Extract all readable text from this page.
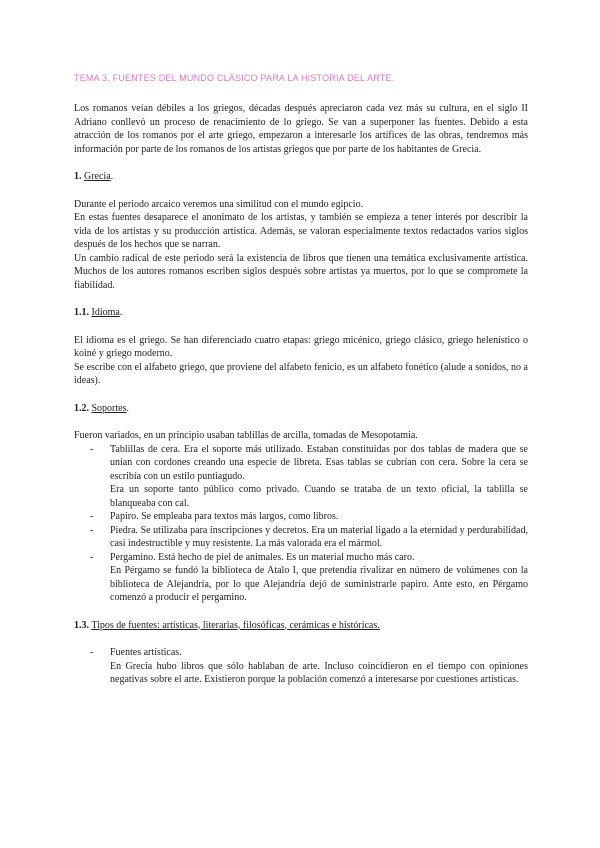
TEMA 3. FUENTES DEL MUNDO CLÁSICO PARA LA HISTORIA DEL ARTE.

Los romanos veían débiles a los griegos, décadas después apreciaron cada vez más su cultura, en el siglo II Adriano conllevó un proceso de renacimiento de lo griego. Se van a superponer las fuentes. Debido a esta atracción de los romanos por el arte griego, empezaron a interesarle los artífices de las obras, tendremos más información por parte de los romanos de los artistas griegos que por parte de los habitantes de Grecia.

1. Grecia.

Durante el periodo arcaico veremos una similitud con el mundo egipcio.

En estas fuentes desaparece el anonimato de los artistas, y también se empieza a tener interés por describir la vida de los artistas y su producción artística. Además, se valoran especialmente textos redactados varios siglos después de los hechos que se narran.

Un cambio radical de este periodo será la existencia de libros que tienen una temática exclusivamente artística. Muchos de los autores romanos escriben siglos después sobre artistas ya muertos, por lo que se compromete la fiabilidad.

1.1. Idioma.

El idioma es el griego. Se han diferenciado cuatro etapas: griego micénico, griego clásico, griego helenístico o koiné y griego moderno.

Se escribe con el alfabeto griego, que proviene del alfabeto fenicio, es un alfabeto fonético (alude a sonidos, no a ideas).

1.2. Soportes.

Fueron variados, en un principio usaban tablillas de arcilla, tomadas de Mesopotamia.

- Tablillas de cera. Era el soporte más utilizado. Estaban constituidas por dos tablas de madera que se unían con cordones creando una especie de libreta. Esas tablas se cubrían con cera. Sobre la cera se escribía con un estilo puntiagudo.

Era un soporte tanto público como privado. Cuando se trataba de un texto oficial, la tablilla se blanqueaba con cal.

- Papiro. Se empleaba para textos más largos, como libros.

- Piedra. Se utilizaba para inscripciones y decretos. Era un material ligado a la eternidad y perdurabilidad, casi indestructible y muy resistente. La más valorada era el mármol.

- Pergamino. Está hecho de piel de animales. Es un material mucho más caro.

En Pérgamo se fundó la biblioteca de Atalo I, que pretendía rivalizar en número de volúmenes con la biblioteca de Alejandría, por lo que Alejandría dejó de suministrarle papiro. Ante esto, en Pérgamo comenzó a producir el pergamino.

1.3. Tipos de fuentes: artísticas, literarias, filosóficas, cerámicas e históricas.

- Fuentes artísticas.

En Grecia hubo libros que sólo hablaban de arte. Incluso coincidieron en el tiempo con opiniones negativas sobre el arte. Existieron porque la población comenzó a interesarse por cuestiones artísticas.
